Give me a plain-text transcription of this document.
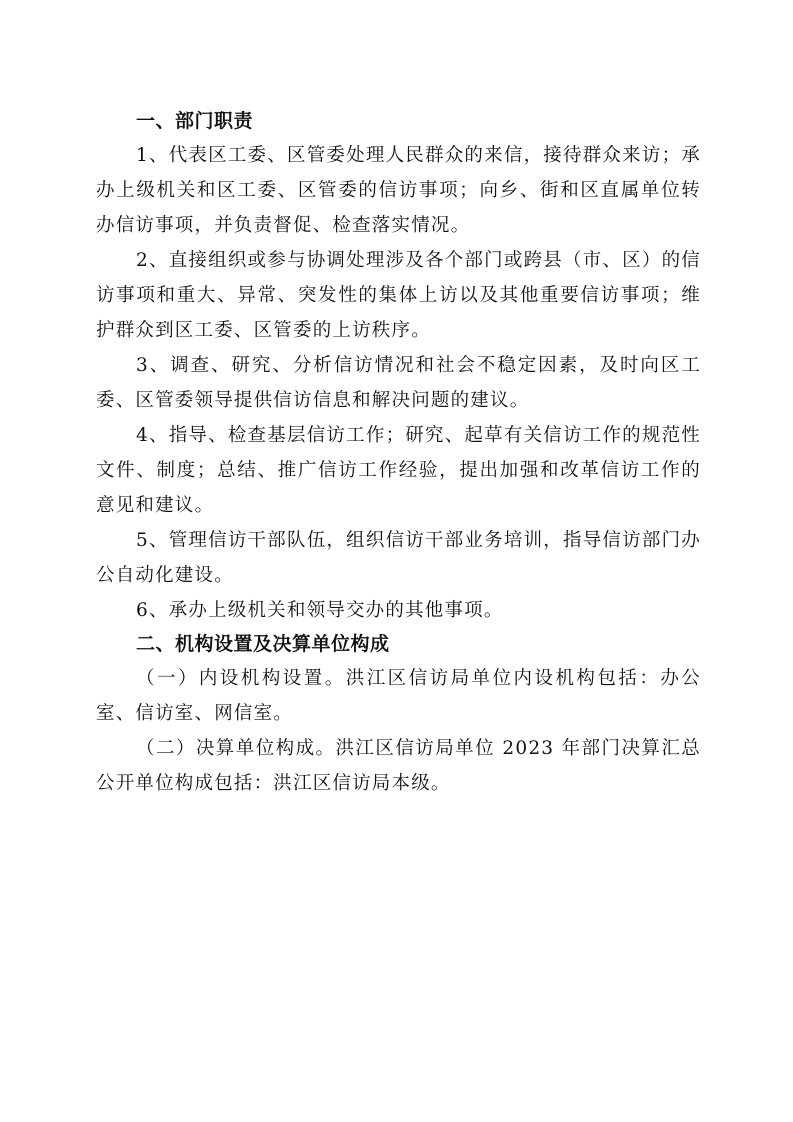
一、部门职责

1、代表区工委、区管委处理人民群众的来信，接待群众来访；承办上级机关和区工委、区管委的信访事项；向乡、街和区直属单位转办信访事项，并负责督促、检查落实情况。

2、直接组织或参与协调处理涉及各个部门或跨县（市、区）的信访事项和重大、异常、突发性的集体上访以及其他重要信访事项；维护群众到区工委、区管委的上访秩序。

3、调查、研究、分析信访情况和社会不稳定因素，及时向区工委、区管委领导提供信访信息和解决问题的建议。

4、指导、检查基层信访工作；研究、起草有关信访工作的规范性文件、制度；总结、推广信访工作经验，提出加强和改革信访工作的意见和建议。

5、管理信访干部队伍，组织信访干部业务培训，指导信访部门办公自动化建设。

6、承办上级机关和领导交办的其他事项。

二、机构设置及决算单位构成

（一）内设机构设置。洪江区信访局单位内设机构包括：办公室、信访室、网信室。

（二）决算单位构成。洪江区信访局单位 2023 年部门决算汇总公开单位构成包括：洪江区信访局本级。
